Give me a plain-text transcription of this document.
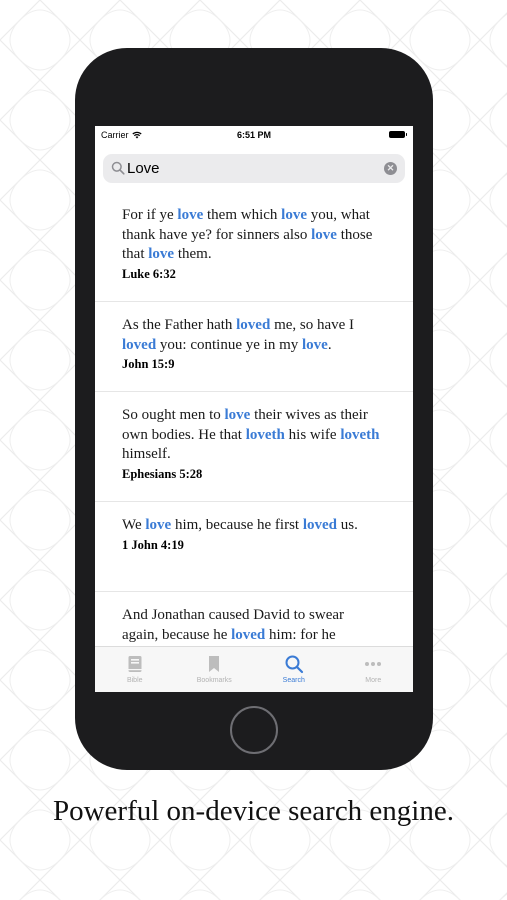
Carrier	6:51 PM
Love
✕
For if ye love them which love you, what thank have ye? for sinners also love those that love them.
Luke 6:32
As the Father hath loved me, so have I loved you: continue ye in my love.
John 15:9
So ought men to love their wives as their own bodies. He that loveth his wife loveth himself.
Ephesians 5:28
We love him, because he first loved us.
1 John 4:19
And Jonathan caused David to swear again, because he loved him: for he
Bible	Bookmarks	Search	More
Powerful on-device search engine.
